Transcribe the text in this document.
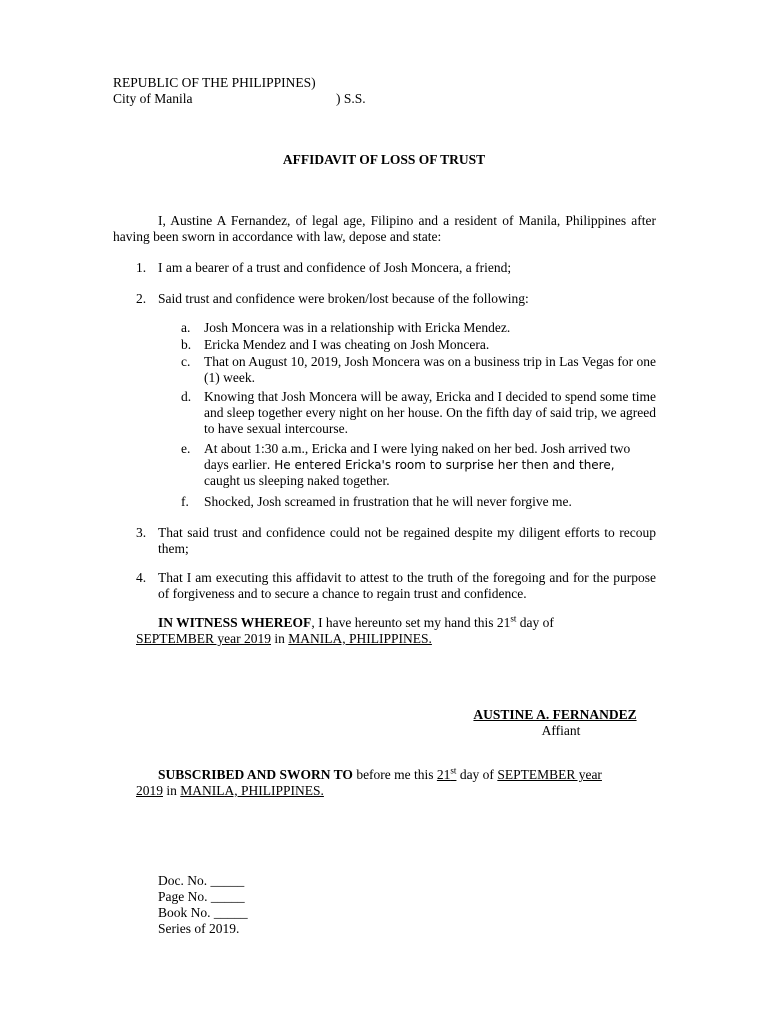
REPUBLIC OF THE PHILIPPINES)
City of Manila	) S.S.
AFFIDAVIT OF LOSS OF TRUST
I, Austine A Fernandez, of legal age, Filipino and a resident of Manila, Philippines after having been sworn in accordance with law, depose and state:
1. I am a bearer of a trust and confidence of Josh Moncera, a friend;
2. Said trust and confidence were broken/lost because of the following:
a. Josh Moncera was in a relationship with Ericka Mendez.
b. Ericka Mendez and I was cheating on Josh Moncera.
c. That on August 10, 2019, Josh Moncera was on a business trip in Las Vegas for one (1) week.
d. Knowing that Josh Moncera will be away, Ericka and I decided to spend some time and sleep together every night on her house. On the fifth day of said trip, we agreed to have sexual intercourse.
e. At about 1:30 a.m., Ericka and I were lying naked on her bed. Josh arrived two days earlier. He entered Ericka's room to surprise her then and there,
caught us sleeping naked together.
f. Shocked, Josh screamed in frustration that he will never forgive me.
3. That said trust and confidence could not be regained despite my diligent efforts to recoup them;
4. That I am executing this affidavit to attest to the truth of the foregoing and for the purpose of forgiveness and to secure a chance to regain trust and confidence.
IN WITNESS WHEREOF, I have hereunto set my hand this 21st day of
SEPTEMBER year 2019 in MANILA, PHILIPPINES.
AUSTINE A. FERNANDEZ
Affiant
SUBSCRIBED AND SWORN TO before me this 21st day of SEPTEMBER year
2019 in MANILA, PHILIPPINES.
Doc. No. _____
Page No. _____
Book No. _____
Series of 2019.
